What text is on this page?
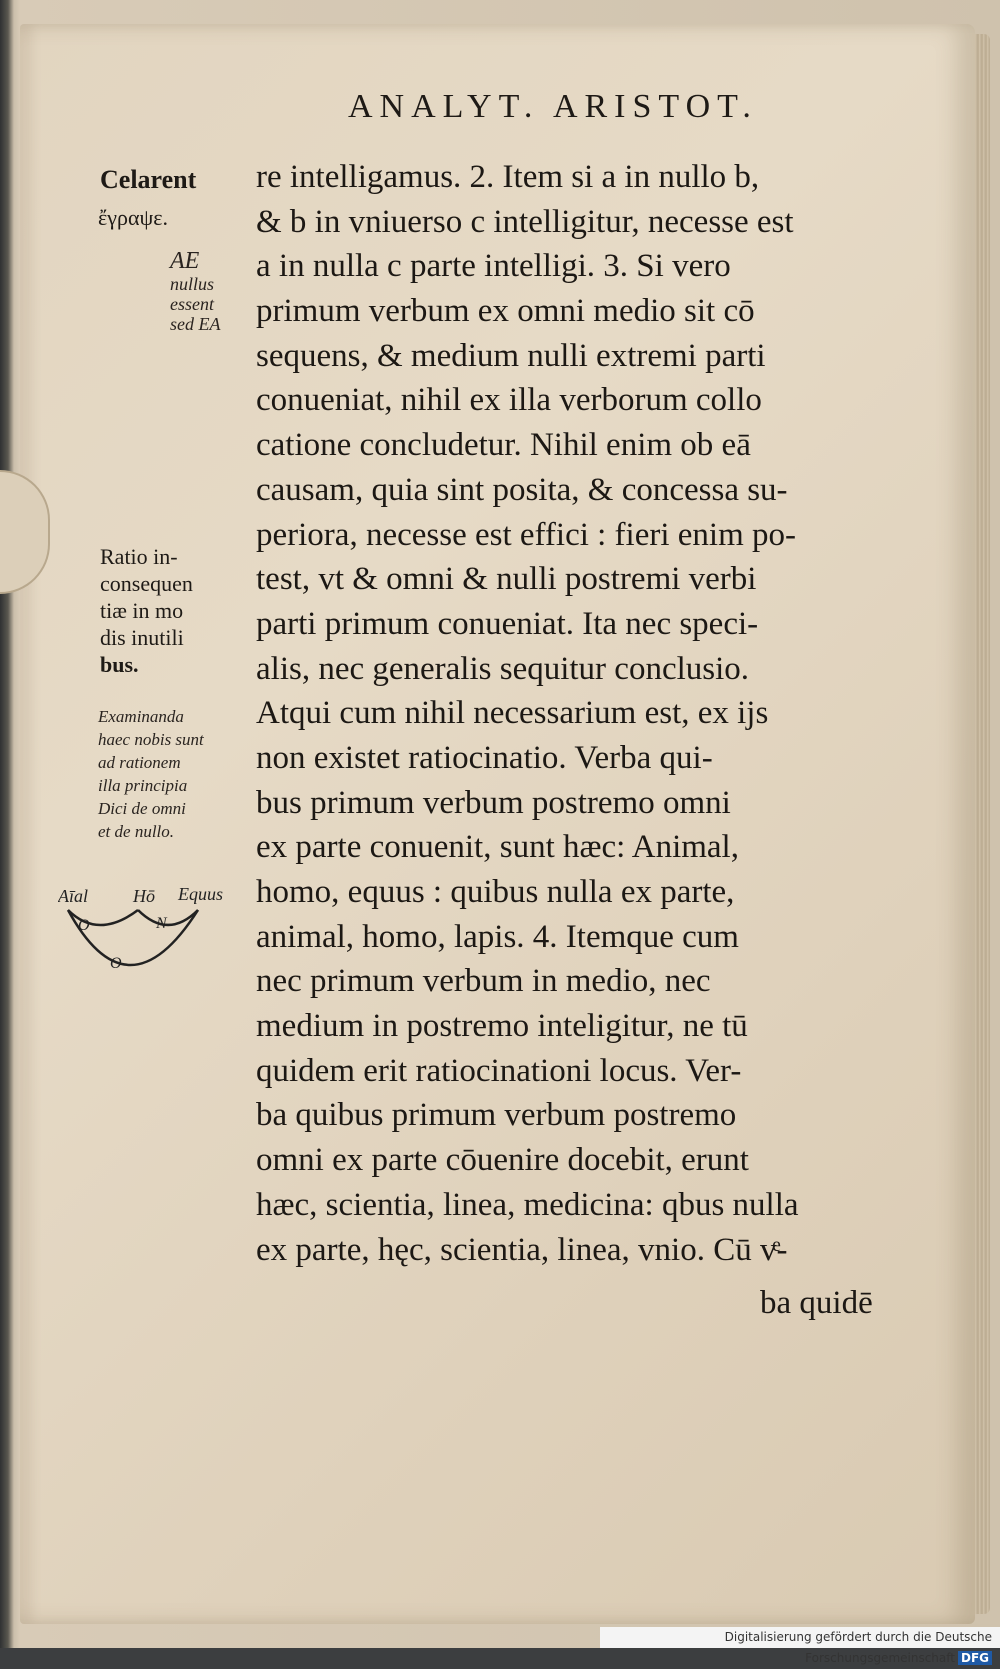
ANALYT. ARISTOT.
Celarent
ἔγραψε.
AE
nullus
essent
sed EA
Ratio in-
consequen
tiæ in mo
dis inutili
bus.
Examinanda
haec nobis sunt
ad rationem
illa principia
Dici de omni
et de nullo.
Aīal	Hō Equus
O	N
O
re intelligamus. 2. Item si a in nullo b,
& b in vniuerso c intelligitur, necesse est
a in nulla c parte intelligi. 3. Si vero
primum verbum ex omni medio sit cō
sequens, & medium nulli extremi parti
conueniat, nihil ex illa verborum collo
catione concludetur. Nihil enim ob eā
causam, quia sint posita, & concessa su-
periora, necesse est effici : fieri enim po-
test, vt & omni & nulli postremi verbi
parti primum conueniat. Ita nec speci-
alis, nec generalis sequitur conclusio.
Atqui cum nihil necessarium est, ex ijs
non existet ratiocinatio. Verba qui-
bus primum verbum postremo omni
ex parte conuenit, sunt hæc: Animal,
homo, equus : quibus nulla ex parte,
animal, homo, lapis. 4. Itemque cum
nec primum verbum in medio, nec
medium in postremo inteligitur, ne tū
quidem erit ratiocinationi locus. Ver-
ba quibus primum verbum postremo
omni ex parte cōuenire docebit, erunt
hæc, scientia, linea, medicina: qbus nulla
ex parte, hęc, scientia, linea, vnio. Cū vͤ-
ba quidē
Digitalisierung gefördert durch die Deutsche Forschungsgemeinschaft DFG
